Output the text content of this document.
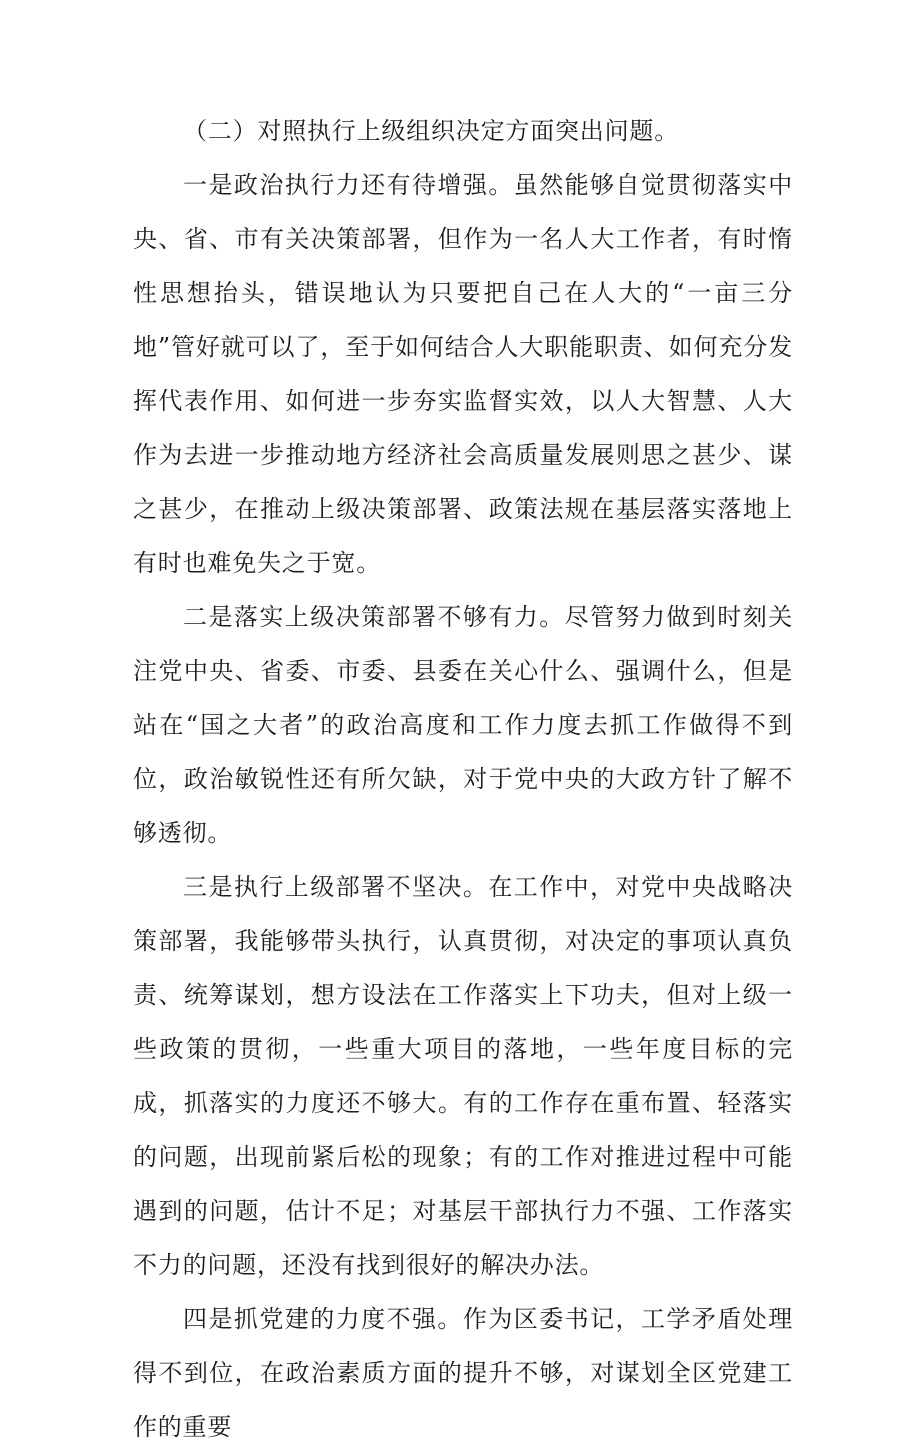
（二）对照执行上级组织决定方面突出问题。

一是政治执行力还有待增强。虽然能够自觉贯彻落实中央、省、市有关决策部署，但作为一名人大工作者，有时惰性思想抬头，错误地认为只要把自己在人大的“一亩三分地”管好就可以了，至于如何结合人大职能职责、如何充分发挥代表作用、如何进一步夯实监督实效，以人大智慧、人大作为去进一步推动地方经济社会高质量发展则思之甚少、谋之甚少，在推动上级决策部署、政策法规在基层落实落地上有时也难免失之于宽。

二是落实上级决策部署不够有力。尽管努力做到时刻关注党中央、省委、市委、县委在关心什么、强调什么，但是站在“国之大者”的政治高度和工作力度去抓工作做得不到位，政治敏锐性还有所欠缺，对于党中央的大政方针了解不够透彻。

三是执行上级部署不坚决。在工作中，对党中央战略决策部署，我能够带头执行，认真贯彻，对决定的事项认真负责、统筹谋划，想方设法在工作落实上下功夫，但对上级一些政策的贯彻，一些重大项目的落地，一些年度目标的完成，抓落实的力度还不够大。有的工作存在重布置、轻落实的问题，出现前紧后松的现象；有的工作对推进过程中可能遇到的问题，估计不足；对基层干部执行力不强、工作落实不力的问题，还没有找到很好的解决办法。

四是抓党建的力度不强。作为区委书记，工学矛盾处理得不到位，在政治素质方面的提升不够，对谋划全区党建工作的重要
